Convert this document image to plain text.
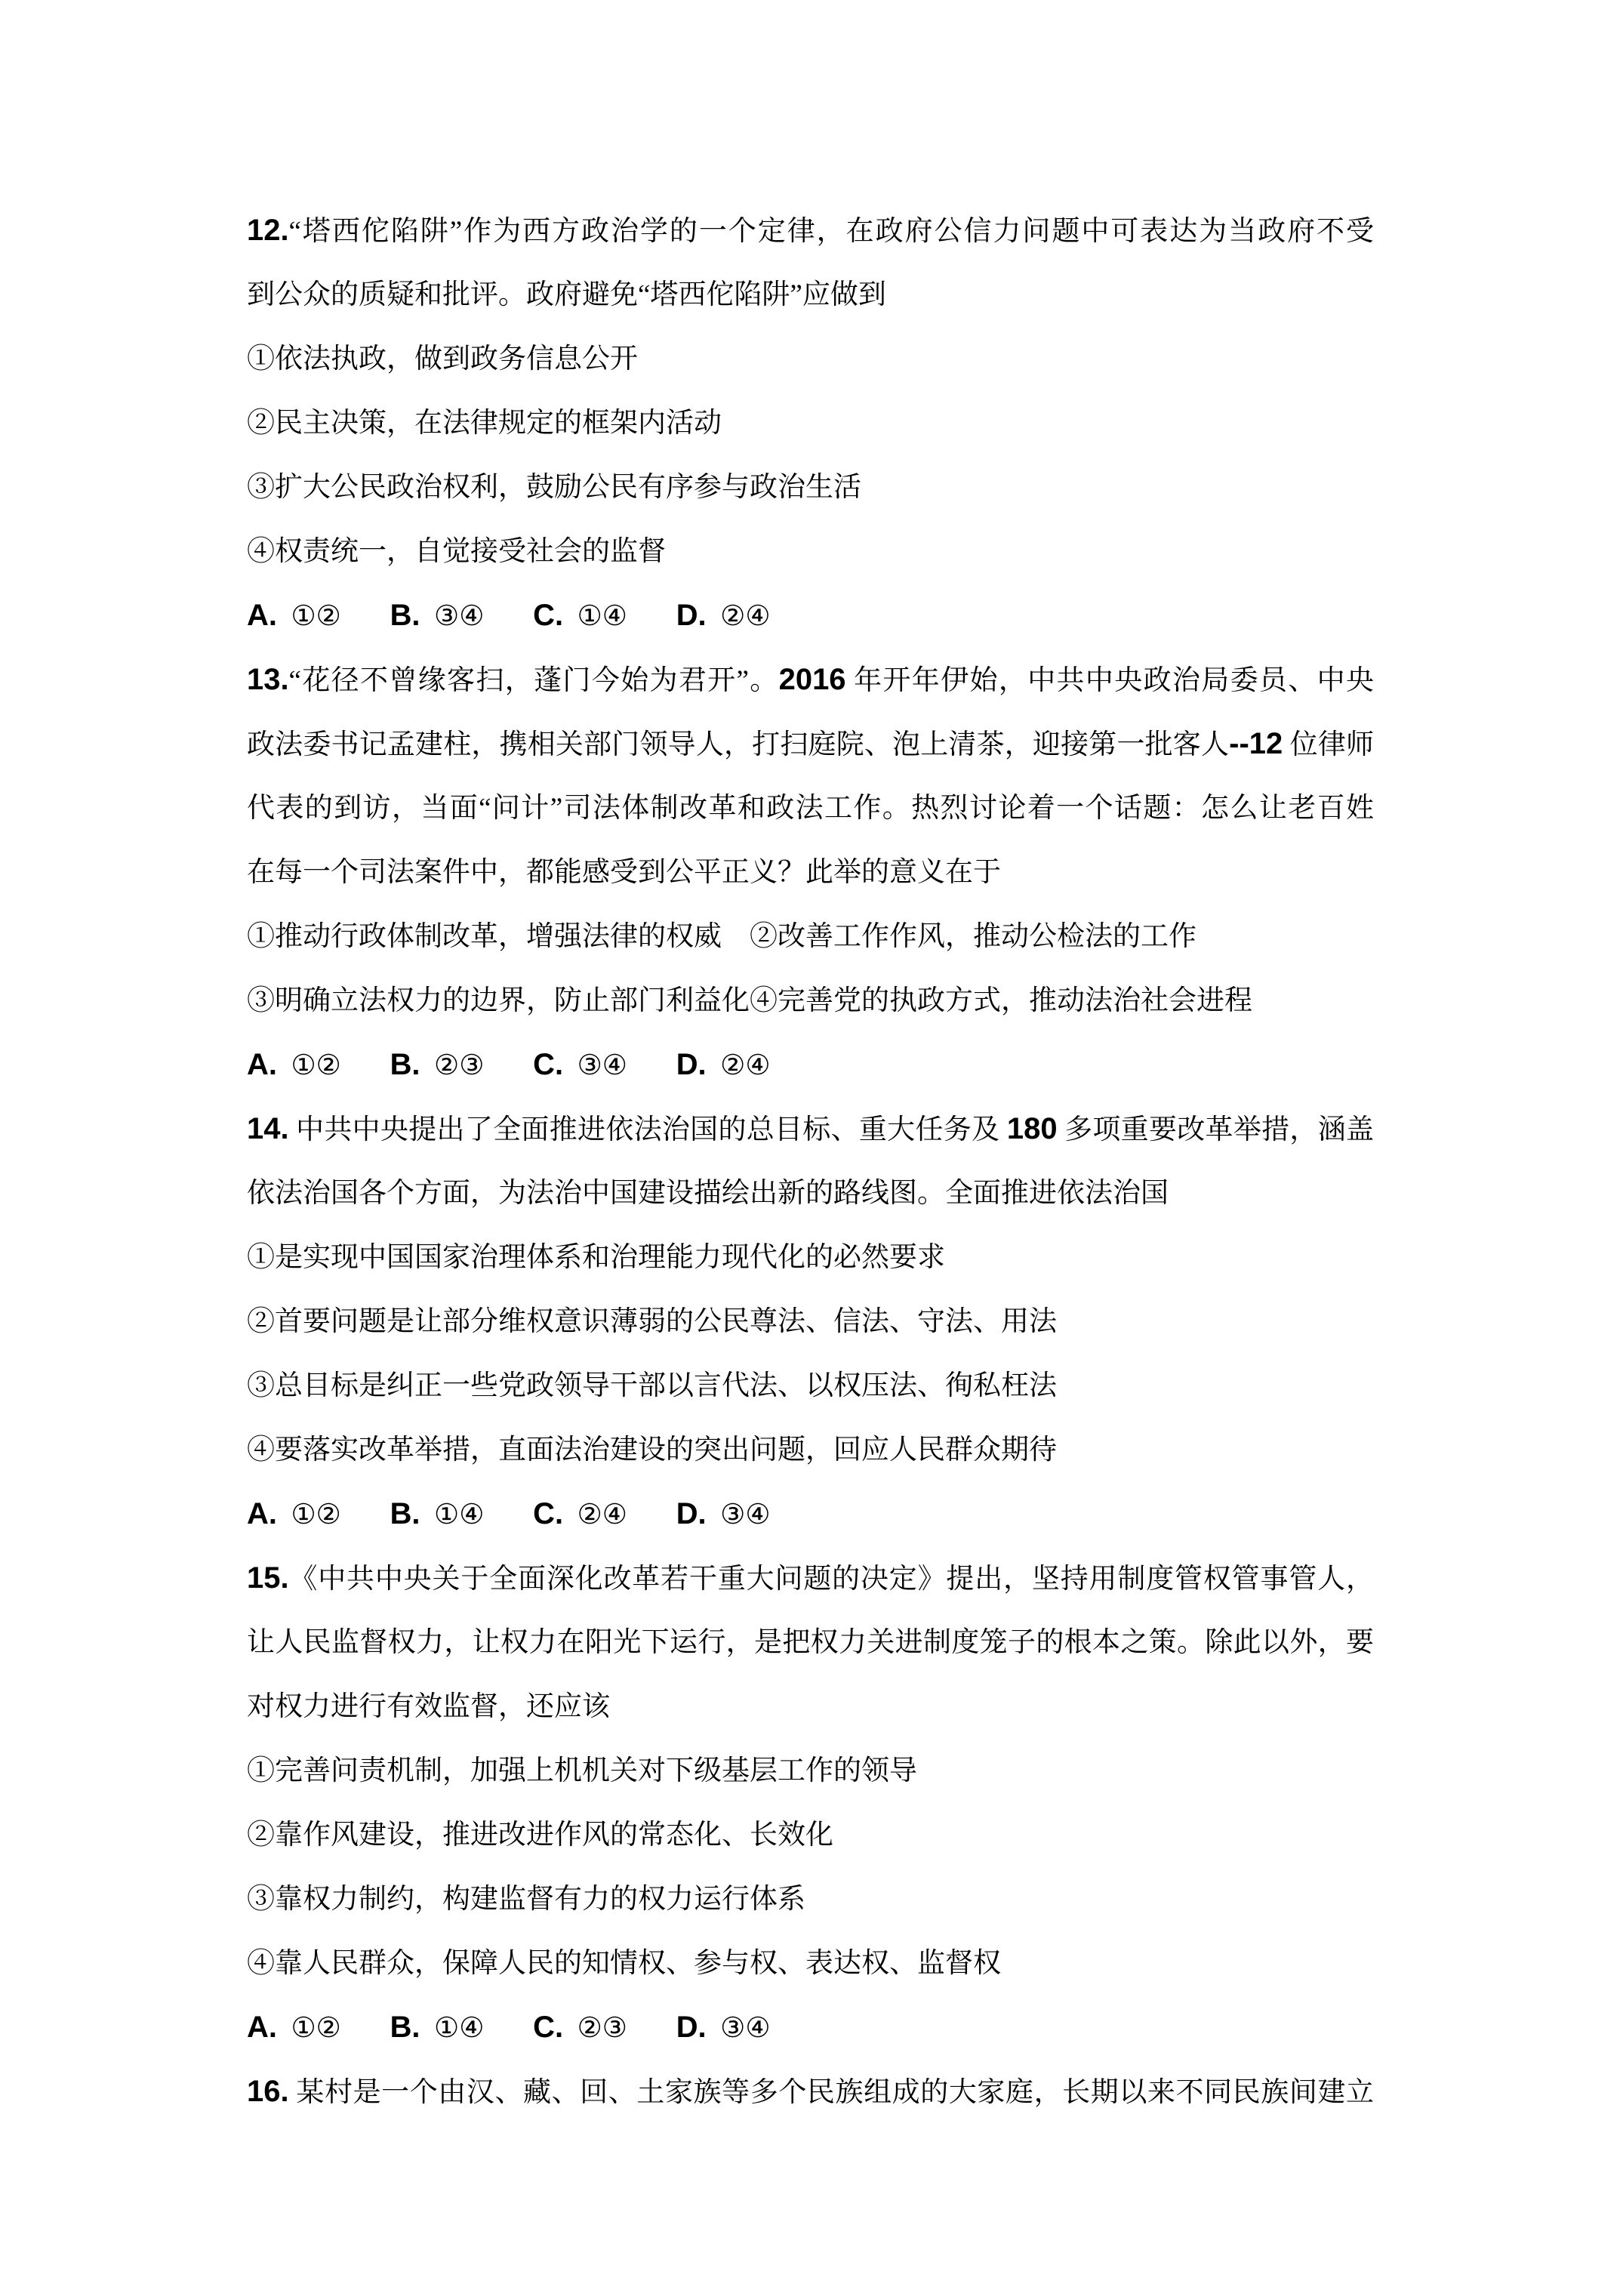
12.“塔西佗陷阱”作为西方政治学的一个定律，在政府公信力问题中可表达为当政府不受
到公众的质疑和批评。政府避免“塔西佗陷阱”应做到
①依法执政，做到政务信息公开
②民主决策，在法律规定的框架内活动
③扩大公民政治权利，鼓励公民有序参与政治生活
④权责统一，自觉接受社会的监督
A.  ①②       B.  ③④       C.  ①④       D.  ②④
13.“花径不曾缘客扫，蓬门今始为君开”。2016 年开年伊始，中共中央政治局委员、中央
政法委书记孟建柱，携相关部门领导人，打扫庭院、泡上清茶，迎接第一批客人--12 位律师
代表的到访，当面“问计”司法体制改革和政法工作。热烈讨论着一个话题：怎么让老百姓
在每一个司法案件中，都能感受到公平正义？此举的意义在于
①推动行政体制改革，增强法律的权威　②改善工作作风，推动公检法的工作
③明确立法权力的边界，防止部门利益化④完善党的执政方式，推动法治社会进程
A.  ①②       B.  ②③       C.  ③④       D.  ②④
14. 中共中央提出了全面推进依法治国的总目标、重大任务及 180 多项重要改革举措，涵盖
依法治国各个方面，为法治中国建设描绘出新的路线图。全面推进依法治国
①是实现中国国家治理体系和治理能力现代化的必然要求
②首要问题是让部分维权意识薄弱的公民尊法、信法、守法、用法
③总目标是纠正一些党政领导干部以言代法、以权压法、徇私枉法
④要落实改革举措，直面法治建设的突出问题，回应人民群众期待
A.  ①②       B.  ①④       C.  ②④       D.  ③④
15.《中共中央关于全面深化改革若干重大问题的决定》提出，坚持用制度管权管事管人，
让人民监督权力，让权力在阳光下运行，是把权力关进制度笼子的根本之策。除此以外，要
对权力进行有效监督，还应该
①完善问责机制，加强上机机关对下级基层工作的领导
②靠作风建设，推进改进作风的常态化、长效化
③靠权力制约，构建监督有力的权力运行体系
④靠人民群众，保障人民的知情权、参与权、表达权、监督权
A.  ①②       B.  ①④       C.  ②③       D.  ③④
16. 某村是一个由汉、藏、回、土家族等多个民族组成的大家庭，长期以来不同民族间建立
